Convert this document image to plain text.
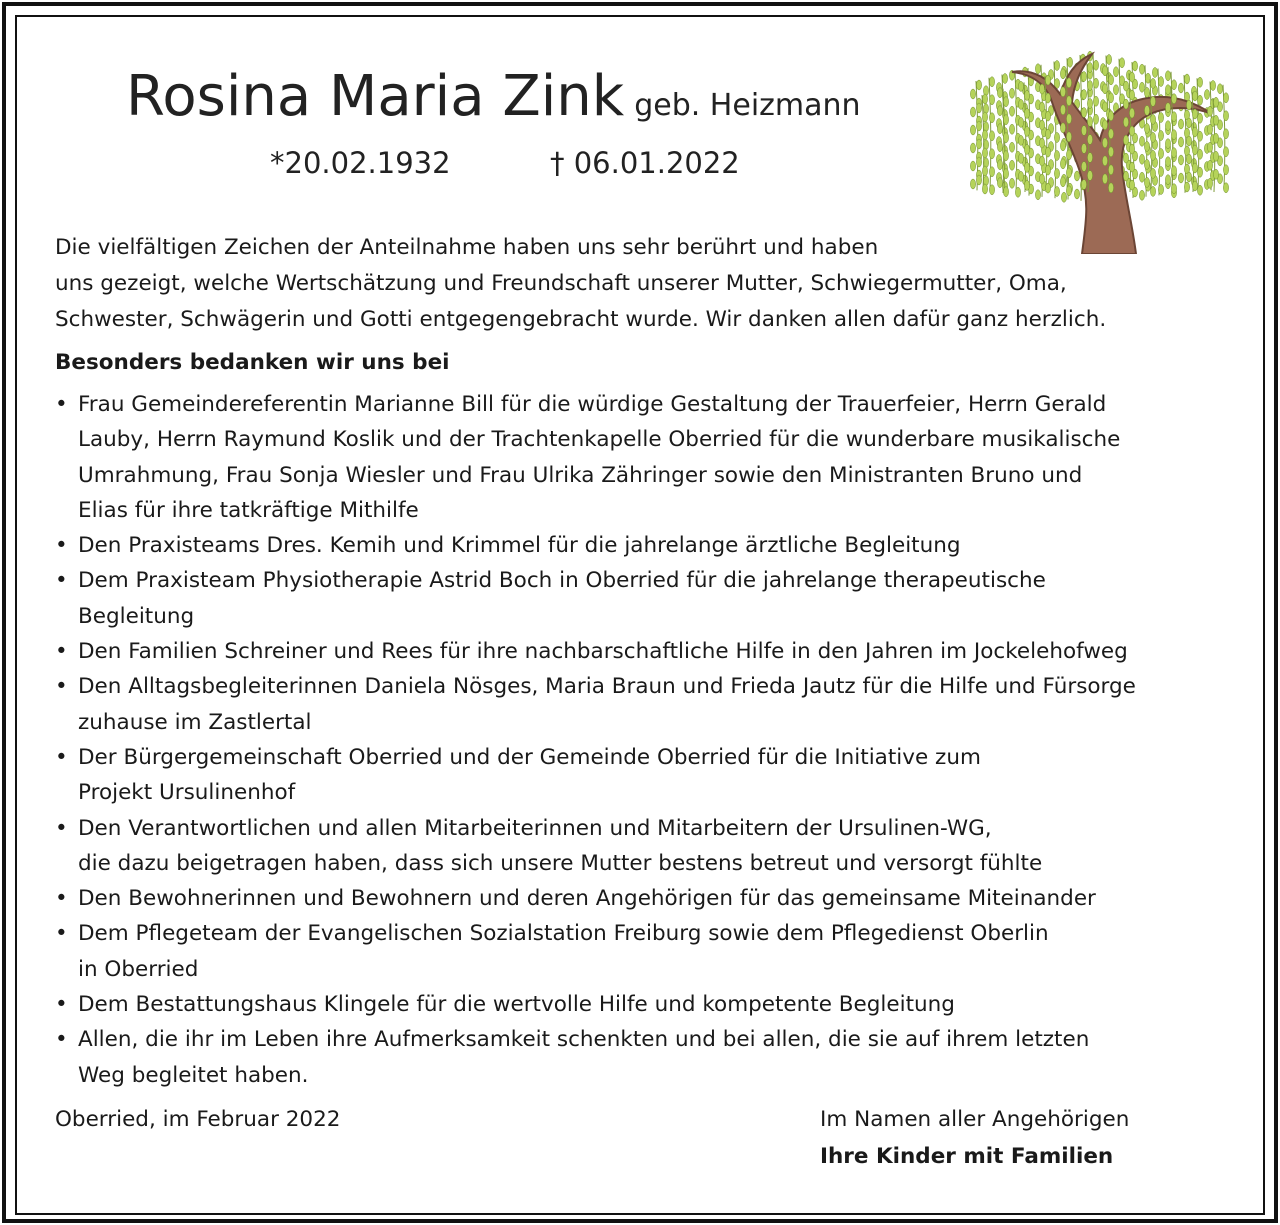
Rosina Maria Zink geb. Heizmann
*20.02.1932	† 06.01.2022

Die vielfältigen Zeichen der Anteilnahme haben uns sehr berührt und haben

uns gezeigt, welche Wertschätzung und Freundschaft unserer Mutter, Schwiegermutter, Oma,

Schwester, Schwägerin und Gotti entgegengebracht wurde. Wir danken allen dafür ganz herzlich.

Besonders bedanken wir uns bei
• Frau Gemeindereferentin Marianne Bill für die würdige Gestaltung der Trauerfeier, Herrn Gerald
Lauby, Herrn Raymund Koslik und der Trachtenkapelle Oberried für die wunderbare musikalische
Umrahmung, Frau Sonja Wiesler und Frau Ulrika Zähringer sowie den Ministranten Bruno und
Elias für ihre tatkräftige Mithilfe
• Den Praxisteams Dres. Kemih und Krimmel für die jahrelange ärztliche Begleitung
• Dem Praxisteam Physiotherapie Astrid Boch in Oberried für die jahrelange therapeutische
Begleitung
• Den Familien Schreiner und Rees für ihre nachbarschaftliche Hilfe in den Jahren im Jockelehofweg
• Den Alltagsbegleiterinnen Daniela Nösges, Maria Braun und Frieda Jautz für die Hilfe und Fürsorge
zuhause im Zastlertal
• Der Bürgergemeinschaft Oberried und der Gemeinde Oberried für die Initiative zum
Projekt Ursulinenhof
• Den Verantwortlichen und allen Mitarbeiterinnen und Mitarbeitern der Ursulinen-WG,
die dazu beigetragen haben, dass sich unsere Mutter bestens betreut und versorgt fühlte
• Den Bewohnerinnen und Bewohnern und deren Angehörigen für das gemeinsame Miteinander
• Dem Pflegeteam der Evangelischen Sozialstation Freiburg sowie dem Pflegedienst Oberlin
in Oberried
• Dem Bestattungshaus Klingele für die wertvolle Hilfe und kompetente Begleitung
• Allen, die ihr im Leben ihre Aufmerksamkeit schenkten und bei allen, die sie auf ihrem letzten
Weg begleitet haben.
Oberried, im Februar 2022	Im Namen aller Angehörigen
Ihre Kinder mit Familien
